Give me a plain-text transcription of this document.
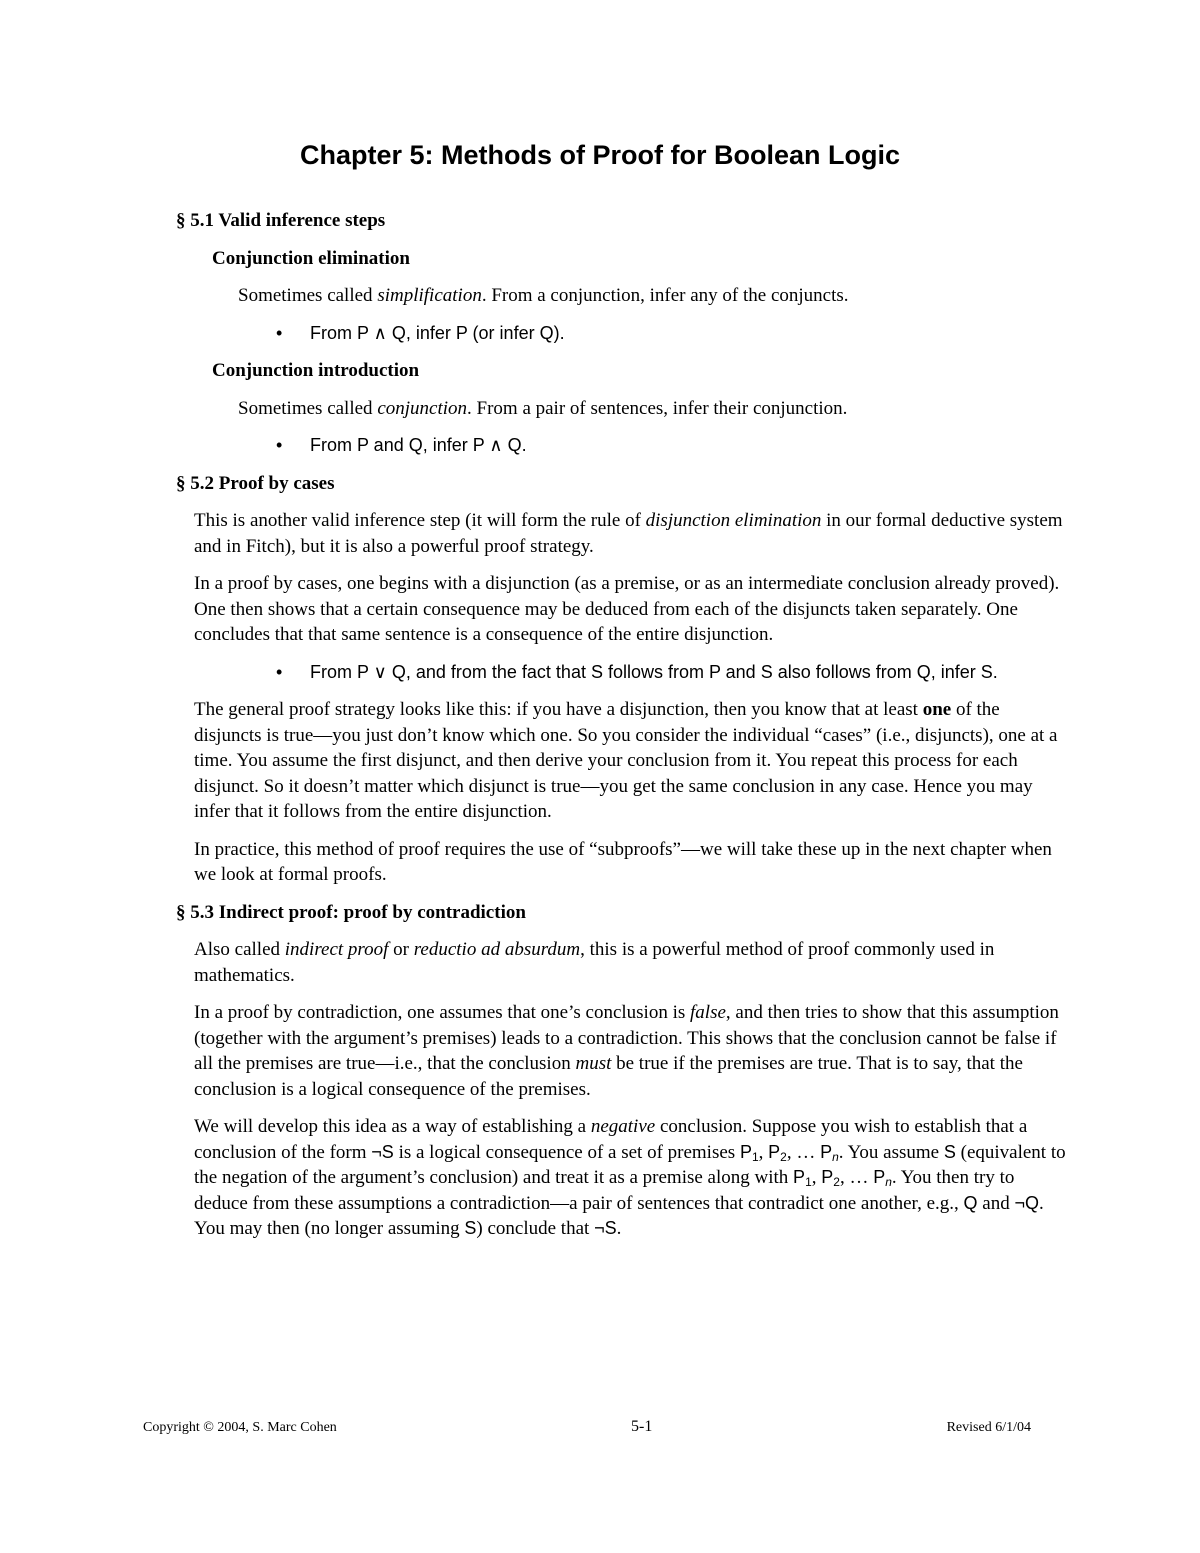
Chapter 5: Methods of Proof for Boolean Logic
§ 5.1 Valid inference steps
Conjunction elimination

Sometimes called simplification. From a conjunction, infer any of the conjuncts.

• From P ∧ Q, infer P (or infer Q).
Conjunction introduction

Sometimes called conjunction. From a pair of sentences, infer their conjunction.

• From P and Q, infer P ∧ Q.
§ 5.2 Proof by cases

This is another valid inference step (it will form the rule of disjunction elimination in our formal deductive system and in Fitch), but it is also a powerful proof strategy.

In a proof by cases, one begins with a disjunction (as a premise, or as an intermediate conclusion already proved). One then shows that a certain consequence may be deduced from each of the disjuncts taken separately. One concludes that that same sentence is a consequence of the entire disjunction.

• From P ∨ Q, and from the fact that S follows from P and S also follows from Q, infer S.

The general proof strategy looks like this: if you have a disjunction, then you know that at least one of the disjuncts is true—you just don’t know which one. So you consider the individual “cases” (i.e., disjuncts), one at a time. You assume the first disjunct, and then derive your conclusion from it. You repeat this process for each disjunct. So it doesn’t matter which disjunct is true—you get the same conclusion in any case. Hence you may infer that it follows from the entire disjunction.

In practice, this method of proof requires the use of “subproofs”—we will take these up in the next chapter when we look at formal proofs.

§ 5.3 Indirect proof: proof by contradiction

Also called indirect proof or reductio ad absurdum, this is a powerful method of proof commonly used in mathematics.

In a proof by contradiction, one assumes that one’s conclusion is false, and then tries to show that this assumption (together with the argument’s premises) leads to a contradiction. This shows that the conclusion cannot be false if all the premises are true—i.e., that the conclusion must be true if the premises are true. That is to say, that the conclusion is a logical consequence of the premises.

We will develop this idea as a way of establishing a negative conclusion. Suppose you wish to establish that a conclusion of the form ¬S is a logical consequence of a set of premises $P_1$, $P_2$, … $P_n$. You assume S (equivalent to the negation of the argument’s conclusion) and treat it as a premise along with $P_1$, $P_2$, … $P_n$. You then try to deduce from these assumptions a contradiction—a pair of sentences that contradict one another, e.g., Q and ¬Q. You may then (no longer assuming S) conclude that ¬S.

Copyright © 2004, S. Marc Cohen	5-1	Revised 6/1/04
